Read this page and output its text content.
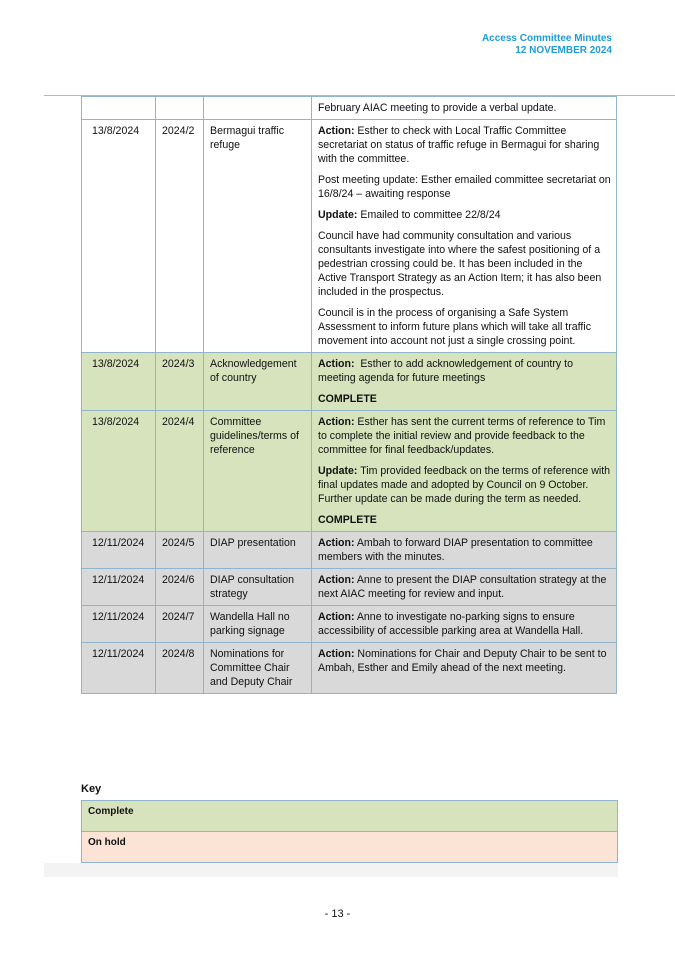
Access Committee Minutes
12 NOVEMBER 2024

			February AIAC meeting to provide a verbal update.

13/8/2024	2024/2	Bermagui traffic refuge	Action: Esther to check with Local Traffic Committee secretariat on status of traffic refuge in Bermagui for sharing with the committee.

Post meeting update: Esther emailed committee secretariat on 16/8/24 – awaiting response

Update: Emailed to committee 22/8/24

Council have had community consultation and various consultants investigate into where the safest positioning of a pedestrian crossing could be. It has been included in the Active Transport Strategy as an Action Item; it has also been included in the prospectus.

Council is in the process of organising a Safe System Assessment to inform future plans which will take all traffic movement into account not just a single crossing point.

13/8/2024	2024/3	Acknowledgement of country	Action:  Esther to add acknowledgement of country to meeting agenda for future meetings

COMPLETE

13/8/2024	2024/4	Committee guidelines/terms of reference	Action: Esther has sent the current terms of reference to Tim to complete the initial review and provide feedback to the committee for final feedback/updates.

Update: Tim provided feedback on the terms of reference with final updates made and adopted by Council on 9 October. Further update can be made during the term as needed.

COMPLETE

12/11/2024	2024/5	DIAP presentation	Action: Ambah to forward DIAP presentation to committee members with the minutes.

12/11/2024	2024/6	DIAP consultation strategy	Action: Anne to present the DIAP consultation strategy at the next AIAC meeting for review and input.

12/11/2024	2024/7	Wandella Hall no parking signage	Action: Anne to investigate no-parking signs to ensure accessibility of accessible parking area at Wandella Hall.

12/11/2024	2024/8	Nominations for Committee Chair and Deputy Chair	Action: Nominations for Chair and Deputy Chair to be sent to Ambah, Esther and Emily ahead of the next meeting.

Key
Complete
On hold
- 13 -
